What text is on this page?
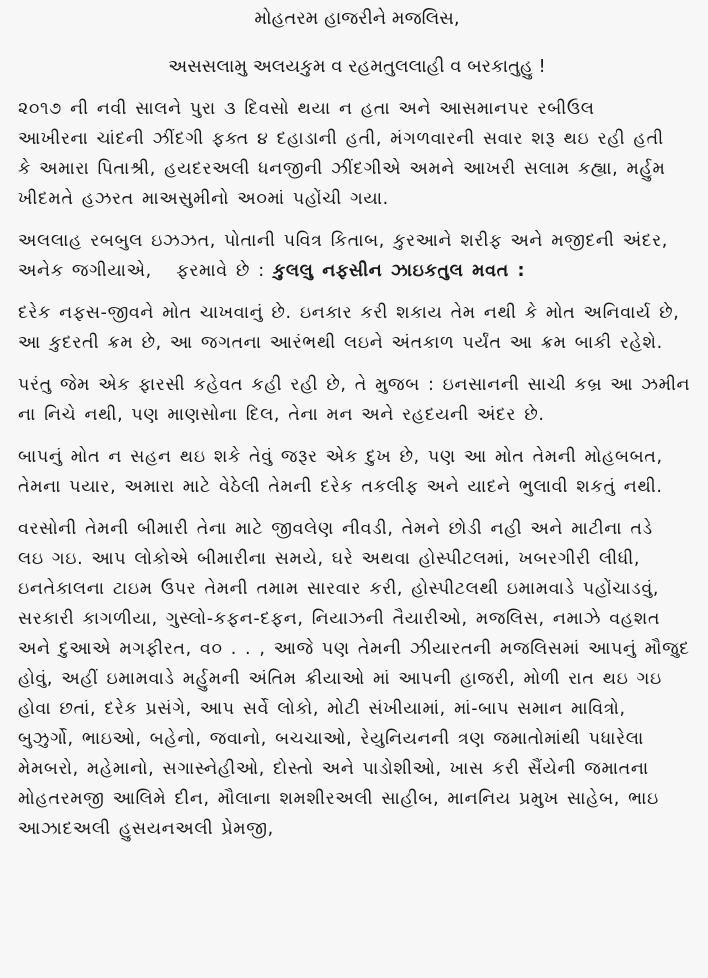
મોહતરમ હાજરીને મજલિસ,

અસસલામુ અલયકુમ વ રહમતુલલાહી વ બરકાતુહુ !

૨૦૧૭ ની નવી સાલને પુરા ૩ દિવસો થયા ન હતા અને આસમાનપર રબીઉલ
આખીરના ચાંદની ઝીંદગી ફક્ત ૪ દહાડાની હતી, મંગળવારની સવાર શરૂ થઇ રહી હતી
કે અમારા પિતાશ્રી, હયદરઅલી ધનજીની ઝીંદગીએ અમને આખરી સલામ કહ્યા, મર્હુમ
ખીદમતે હઝરત માઅસુમીનો અ૦માં પહોંચી ગયા.

અલલાહ રબબુલ ઇઝઝત, પોતાની પવિત્ર કિતાબ, કુરઆને શરીફ અને મજીદની અંદર,
અનેક જગીયાએ,   ફરમાવે છે : કુલલુ નફસીન ઝાઇકતુલ મવત :

દરેક નફસ-જીવને મોત ચાખવાનું છે. ઇનકાર કરી શકાય તેમ નથી કે મોત અનિવાર્ય છે,
આ કુદરતી ક્રમ છે, આ જગતના આરંભથી લઇને અંતકાળ પર્યંત આ ક્રમ બાકી રહેશે.

પરંતુ જેમ એક ફારસી કહેવત કહી રહી છે, તે મુજબ : ઇનસાનની સાચી કબ્ર આ ઝમીન
ના નિચે નથી, પણ માણસોના દિલ, તેના મન અને રહદયની અંદર છે.

બાપનું મોત ન સહન થઇ શકે તેવું જરૂર એક દુખ છે, પણ આ મોત તેમની મોહબબત,
તેમના પયાર, અમારા માટે વેઠેલી તેમની દરેક તકલીફ અને યાદને ભુલાવી શકતું નથી.

વરસોની તેમની બીમારી તેના માટે જીવલેણ નીવડી, તેમને છોડી નહી અને માટીના તડે
લઇ ગઇ. આપ લોકોએ બીમારીના સમયે, ઘરે અથવા હોસ્પીટલમાં, ખબરગીરી લીધી,
ઇનતેકાલના ટાઇમ ઉપર તેમની તમામ સારવાર કરી, હોસ્પીટલથી ઇમામવાડે પહોંચાડવું,
સરકારી કાગળીયા, ગુસ્લો-કફન-દફન, નિયાઝની તૈયારીઓ, મજલિસ, નમાઝે વહશત
અને દુઆએ મગફીરત, વ૦ . . , આજે પણ તેમની ઝીયારતની મજલિસમાં આપનું મૌજુદ
હોવું, અહીં ઇમામવાડે મર્હુમની અંતિમ ક્રીયાઓ માં આપની હાજરી, મોળી રાત થઇ ગઇ
હોવા છતાં, દરેક પ્રસંગે, આપ સર્વે લોકો, મોટી સંખીયામાં, માં-બાપ સમાન માવિત્રો,
બુઝુર્ગો, ભાઇઓ, બહેનો, જવાનો, બચચાઓ, રેયુનિયનની ત્રણ જમાતોમાંથી પધારેલા
મેમબરો, મહેમાનો, સગાસ્નેહીઓ, દોસ્તો અને પાડોશીઓ, ખાસ કરી સૈંયેની જમાતના
મોહતરમજી આલિમે દીન, મૌલાના શમશીરઅલી સાહીબ, માનનિય પ્રમુખ સાહેબ, ભાઇ
આઝાદઅલી હુસયનઅલી પ્રેમજી,
